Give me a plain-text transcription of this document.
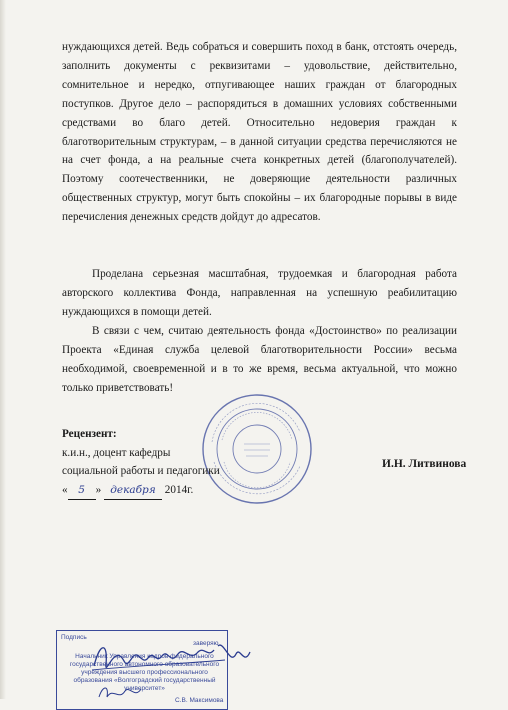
нуждающихся детей. Ведь собраться и совершить поход в банк, отстоять очередь, заполнить документы с реквизитами – удовольствие, действительно, сомнительное и нередко, отпугивающее наших граждан от благородных поступков. Другое дело – распорядиться в домашних условиях собственными средствами во благо детей. Относительно недоверия граждан к благотворительным структурам, – в данной ситуации средства перечисляются не на счет фонда, а на реальные счета конкретных детей (благополучателей). Поэтому соотечественники, не доверяющие деятельности различных общественных структур, могут быть спокойны – их благородные порывы в виде перечисления денежных средств дойдут до адресатов.

Проделана серьезная масштабная, трудоемкая и благородная работа авторского коллектива Фонда, направленная на успешную реабилитацию нуждающихся в помощи детей.

В связи с чем, считаю деятельность фонда «Достоинство» по реализации Проекта «Единая служба целевой благотворительности России» весьма необходимой, своевременной и в то же время, весьма актуальной, что можно только приветствовать!

Рецензент:
к.и.н., доцент кафедры
социальной работы и педагогики
« 5 » декабря 2014г.
И.Н. Литвинова
Подпись
заверяю
Начальник Управления кадров федерального государственного автономного образовательного учреждения высшего профессионального образования «Волгоградский государственный университет»
С.В. Максимова
